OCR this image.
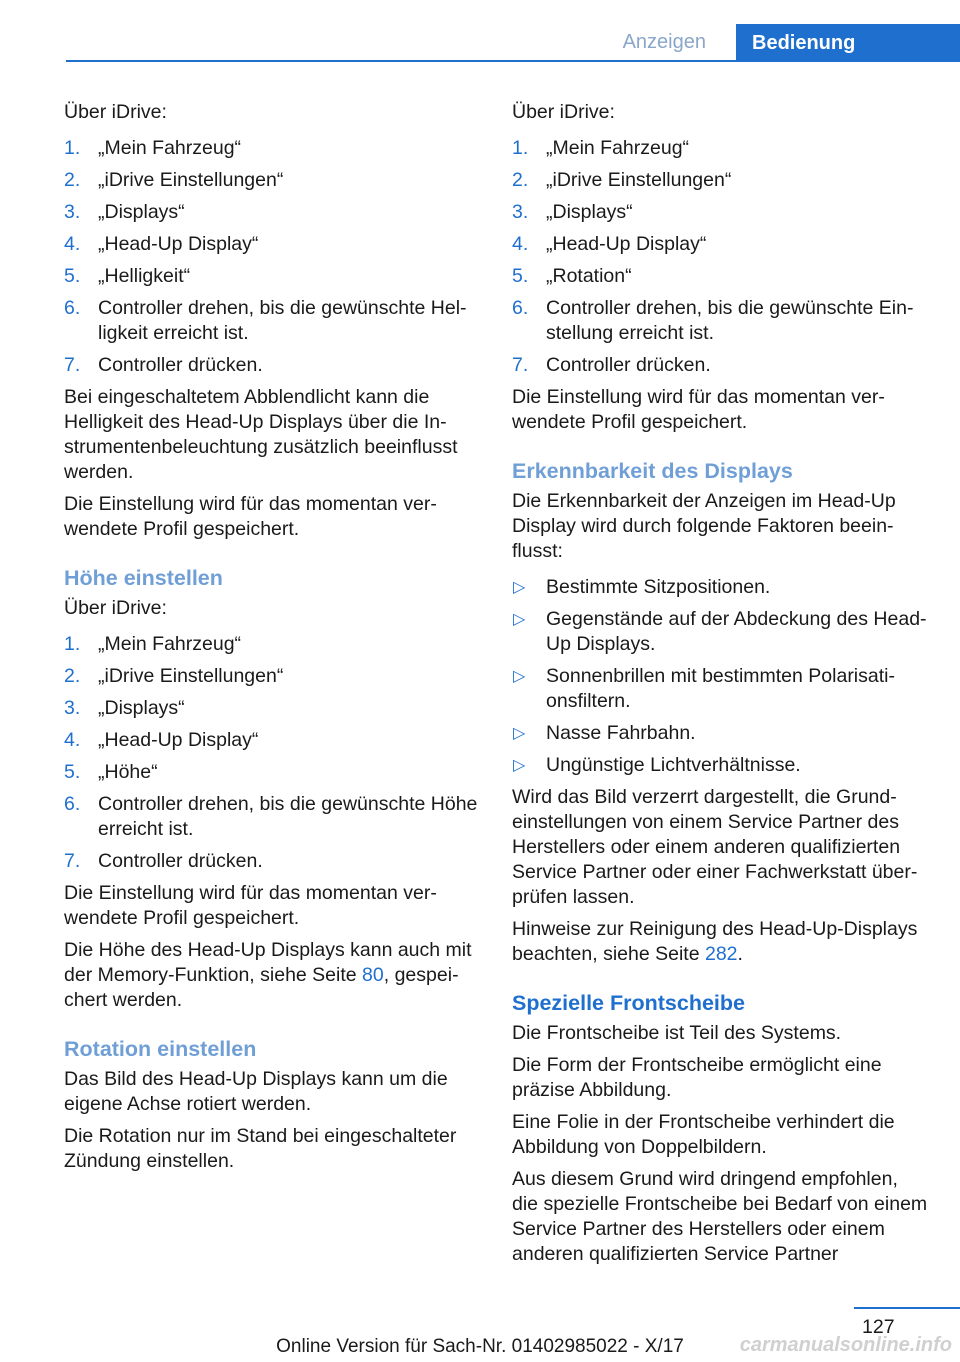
Anzeigen	Bedienung

Über iDrive:

1. „Mein Fahrzeug“
2. „iDrive Einstellungen“
3. „Displays“
4. „Head-Up Display“
5. „Helligkeit“
6. Controller drehen, bis die gewünschte Helligkeit erreicht ist.
7. Controller drücken.

Bei eingeschaltetem Abblendlicht kann die Helligkeit des Head-Up Displays über die Instrumentenbeleuchtung zusätzlich beeinflusst werden.

Die Einstellung wird für das momentan verwendete Profil gespeichert.

Höhe einstellen

Über iDrive:

1. „Mein Fahrzeug“
2. „iDrive Einstellungen“
3. „Displays“
4. „Head-Up Display“
5. „Höhe“
6. Controller drehen, bis die gewünschte Höhe erreicht ist.
7. Controller drücken.

Die Einstellung wird für das momentan verwendete Profil gespeichert.

Die Höhe des Head-Up Displays kann auch mit der Memory-Funktion, siehe Seite 80, gespeichert werden.

Rotation einstellen

Das Bild des Head-Up Displays kann um die eigene Achse rotiert werden.

Die Rotation nur im Stand bei eingeschalteter Zündung einstellen.

Über iDrive:

1. „Mein Fahrzeug“
2. „iDrive Einstellungen“
3. „Displays“
4. „Head-Up Display“
5. „Rotation“
6. Controller drehen, bis die gewünschte Einstellung erreicht ist.
7. Controller drücken.

Die Einstellung wird für das momentan verwendete Profil gespeichert.

Erkennbarkeit des Displays

Die Erkennbarkeit der Anzeigen im Head-Up Display wird durch folgende Faktoren beeinflusst:

▷ Bestimmte Sitzpositionen.
▷ Gegenstände auf der Abdeckung des Head-Up Displays.
▷ Sonnenbrillen mit bestimmten Polarisationsfiltern.
▷ Nasse Fahrbahn.
▷ Ungünstige Lichtverhältnisse.

Wird das Bild verzerrt dargestellt, die Grundeinstellungen von einem Service Partner des Herstellers oder einem anderen qualifizierten Service Partner oder einer Fachwerkstatt überprüfen lassen.

Hinweise zur Reinigung des Head-Up-Displays beachten, siehe Seite 282.

Spezielle Frontscheibe

Die Frontscheibe ist Teil des Systems.

Die Form der Frontscheibe ermöglicht eine präzise Abbildung.

Eine Folie in der Frontscheibe verhindert die Abbildung von Doppelbildern.

Aus diesem Grund wird dringend empfohlen, die spezielle Frontscheibe bei Bedarf von einem Service Partner des Herstellers oder einem anderen qualifizierten Service Partner

127
Online Version für Sach-Nr. 01402985022 - X/17	carmanualsonline.info
